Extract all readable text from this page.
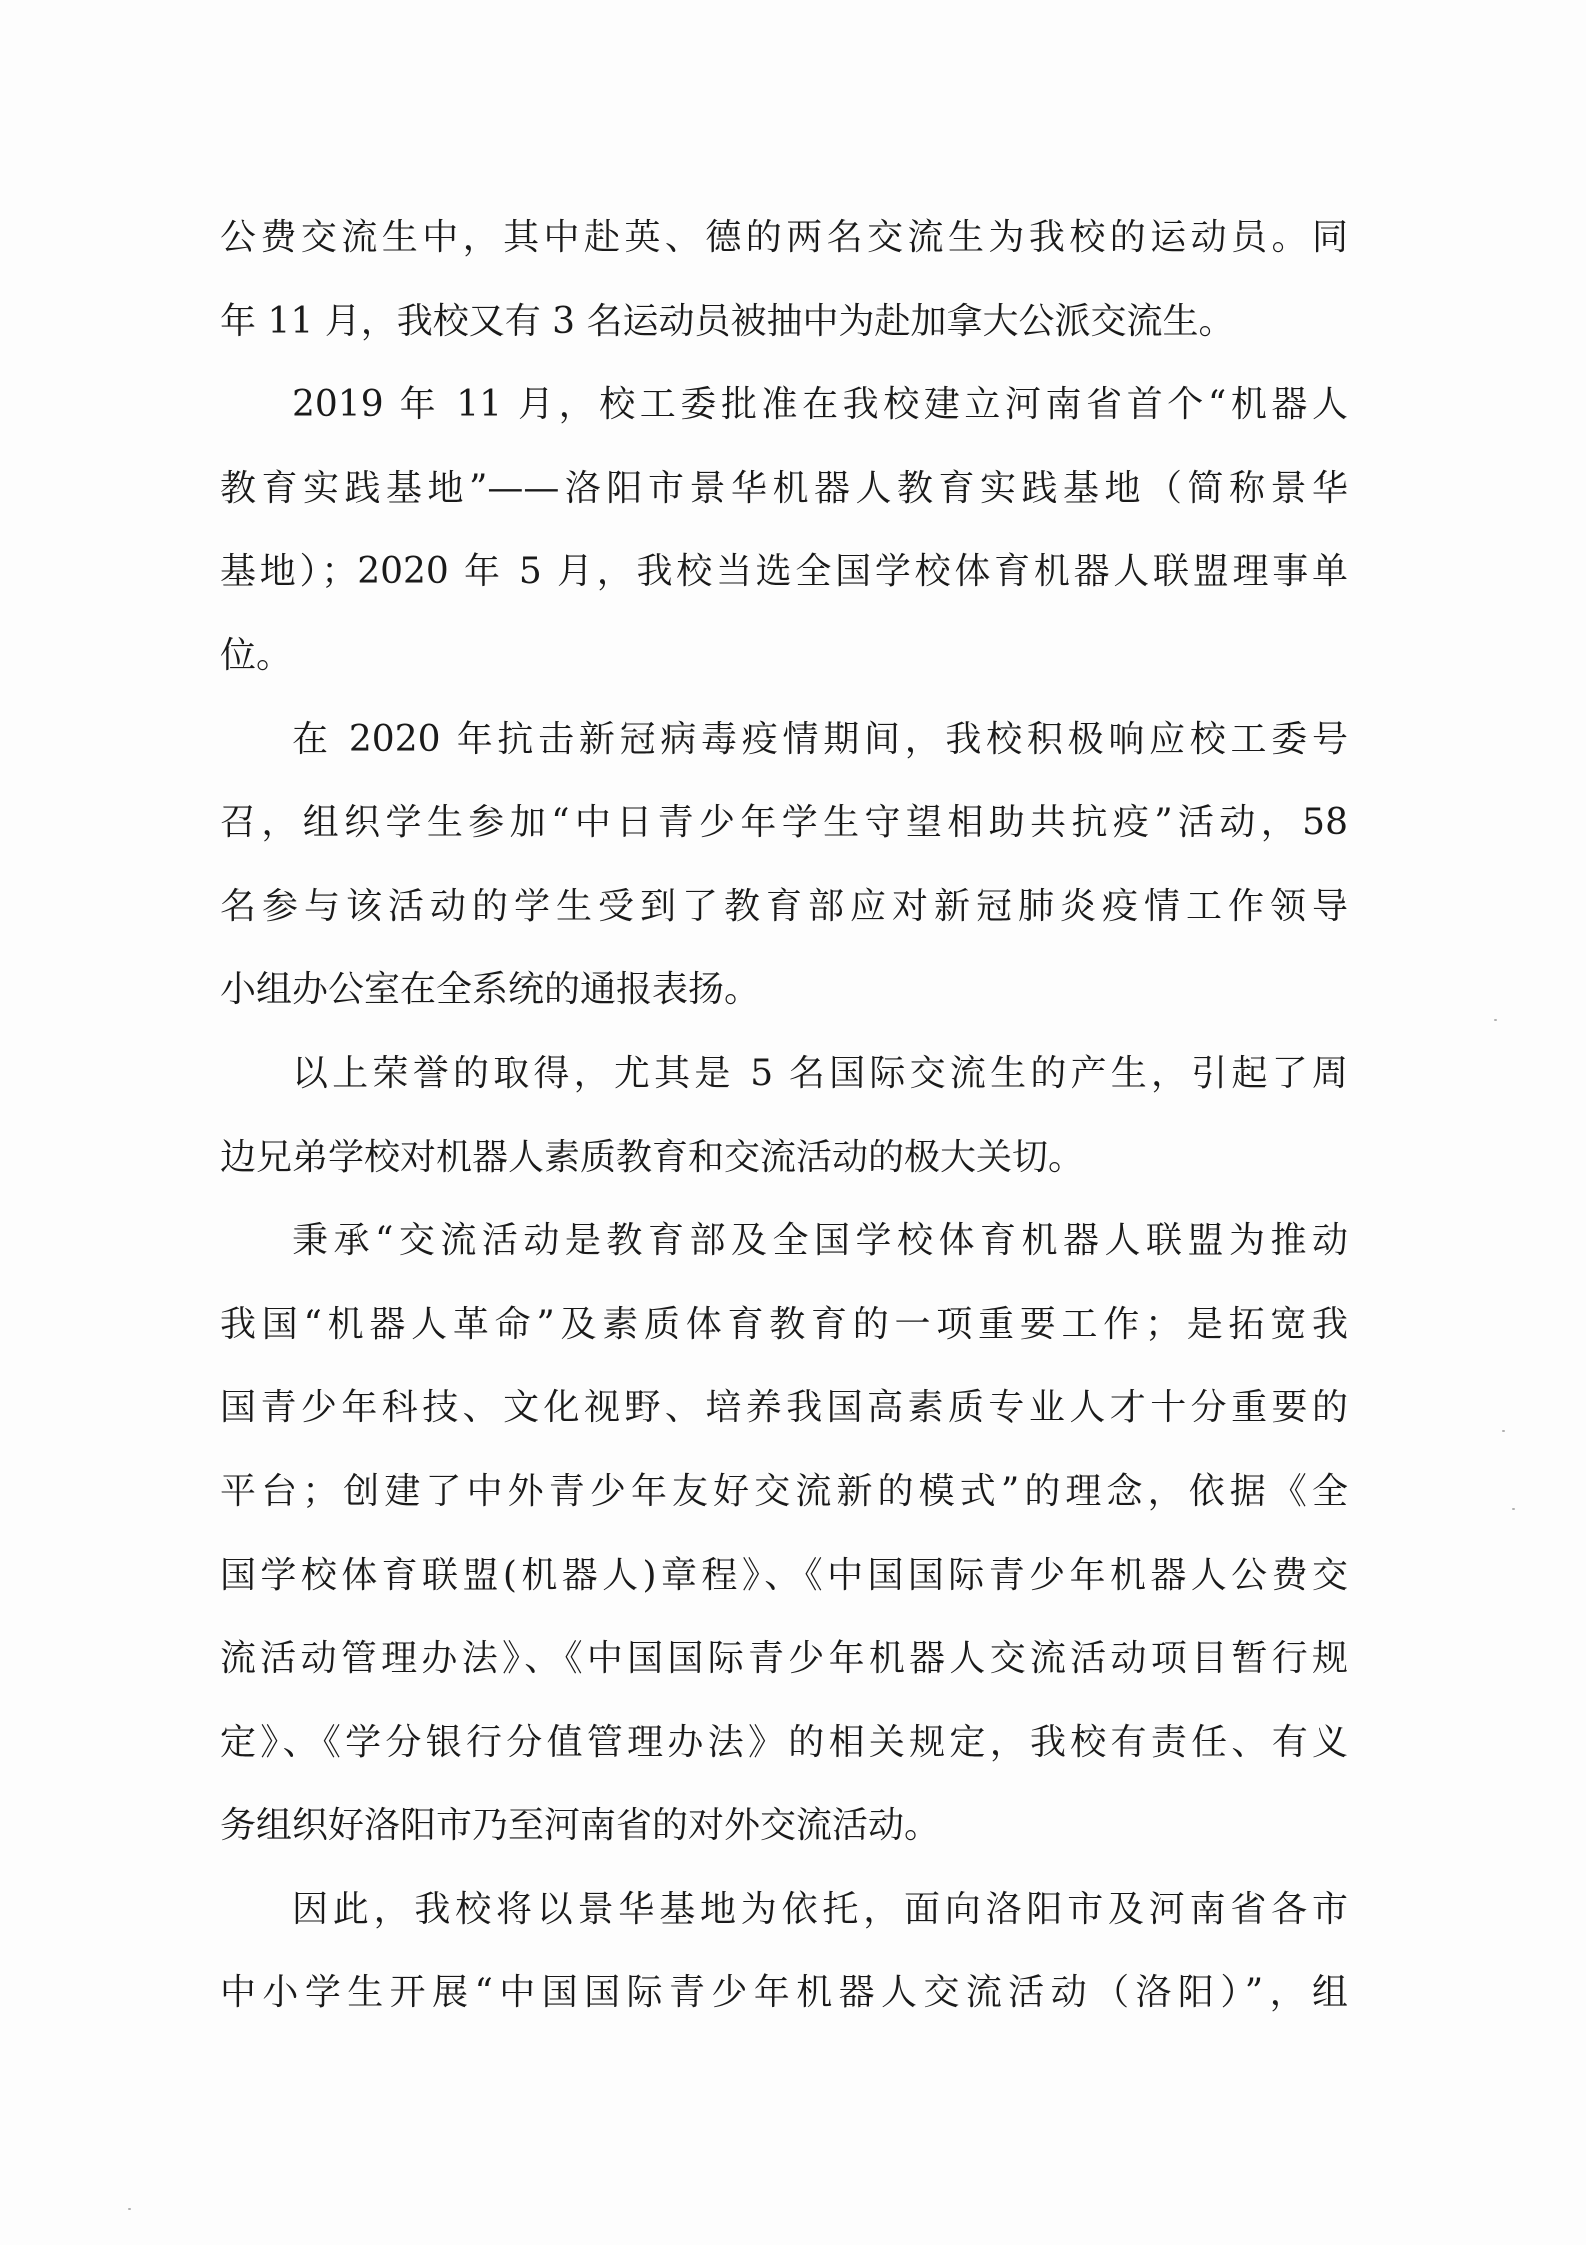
公费交流生中，其中赴英、德的两名交流生为我校的运动员。同
年 11 月，我校又有 3 名运动员被抽中为赴加拿大公派交流生。
2019 年 11 月，校工委批准在我校建立河南省首个“机器人
教育实践基地”——洛阳市景华机器人教育实践基地（简称景华
基地）；2020 年 5 月，我校当选全国学校体育机器人联盟理事单
位。
在 2020 年抗击新冠病毒疫情期间，我校积极响应校工委号
召，组织学生参加“中日青少年学生守望相助共抗疫”活动，58
名参与该活动的学生受到了教育部应对新冠肺炎疫情工作领导
小组办公室在全系统的通报表扬。
以上荣誉的取得，尤其是 5 名国际交流生的产生，引起了周
边兄弟学校对机器人素质教育和交流活动的极大关切。
秉承“交流活动是教育部及全国学校体育机器人联盟为推动
我国“机器人革命”及素质体育教育的一项重要工作；是拓宽我
国青少年科技、文化视野、培养我国高素质专业人才十分重要的
平台；创建了中外青少年友好交流新的模式”的理念，依据《全
国学校体育联盟(机器人)章程》、《中国国际青少年机器人公费交
流活动管理办法》、《中国国际青少年机器人交流活动项目暂行规
定》、《学分银行分值管理办法》的相关规定，我校有责任、有义
务组织好洛阳市乃至河南省的对外交流活动。
因此，我校将以景华基地为依托，面向洛阳市及河南省各市
中小学生开展“中国国际青少年机器人交流活动（洛阳）”，组
